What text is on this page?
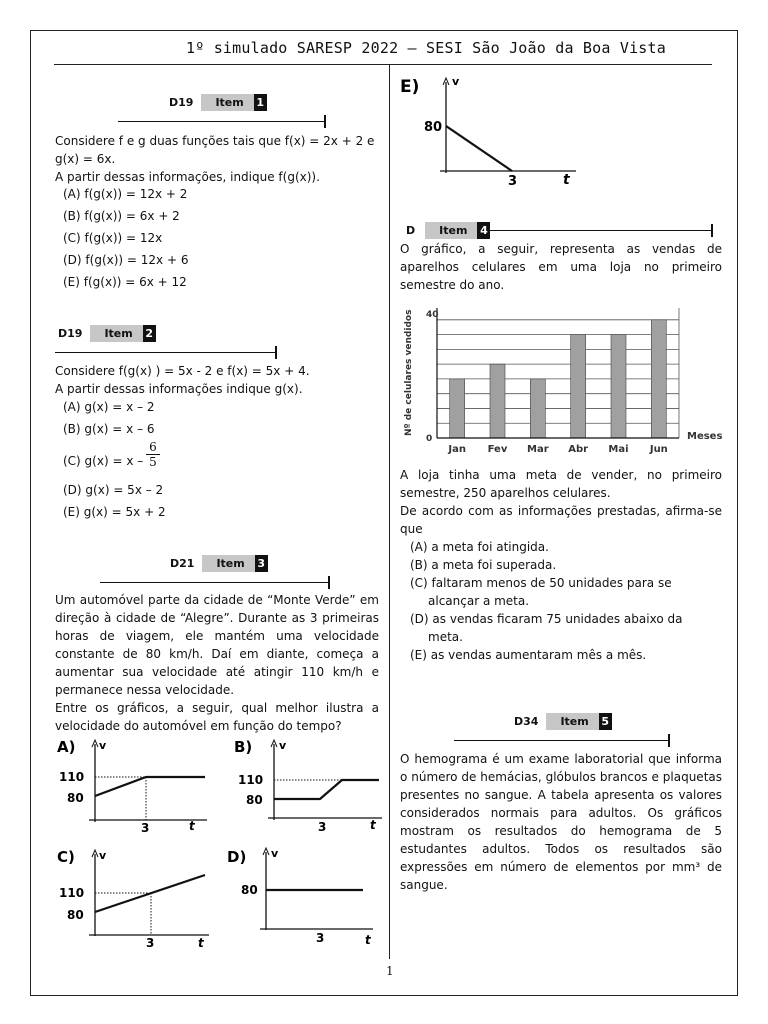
1º simulado SARESP 2022 – SESI São João da Boa Vista
1
D19	Item	1

Considere f e g duas funções tais que f(x) = 2x + 2 e g(x) = 6x.

A partir dessas informações, indique f(g(x)).

(A) f(g(x)) = 12x + 2
(B) f(g(x)) = 6x + 2
(C) f(g(x)) = 12x
(D) f(g(x)) = 12x + 6
(E) f(g(x)) = 6x + 12
D19	Item	2

Considere f(g(x) ) = 5x - 2 e f(x) = 5x + 4.

A partir dessas informações indique g(x).

(A) g(x) = x – 2
(B) g(x) = x – 6
(C) $g(x) = x - \frac{6}{5}$
(D) g(x) = 5x – 2
(E) g(x) = 5x + 2
D21	Item	3

Um automóvel parte da cidade de “Monte Verde” em direção à cidade de “Alegre”. Durante as 3 primeiras horas de viagem, ele mantém uma velocidade constante de 80 km/h. Daí em diante, começa a aumentar sua velocidade até atingir 110 km/h e permanece nessa velocidade.

Entre os gráficos, a seguir, qual melhor ilustra a velocidade do automóvel em função do tempo?

A) v
t
110
80
3
B) v
t
110
80
3
C) v
t
110
80
3
D) v
t
80
3
E)	v
t
80
3
D	Item	4
O gráfico, a seguir, representa as vendas de aparelhos celulares em uma loja no primeiro semestre do ano.
Jan Fev Mar Abr Mai Jun
Meses
Nº de celulares vendidos 40
0

A loja tinha uma meta de vender, no primeiro semestre, 250 aparelhos celulares.

De acordo com as informações prestadas, afirma-se que

(A) a meta foi atingida.
(B) a meta foi superada.
(C) faltaram menos de 50 unidades para se
alcançar a meta.
(D) as vendas ficaram 75 unidades abaixo da
meta.
(E) as vendas aumentaram mês a mês.
D34	Item	5
O hemograma é um exame laboratorial que informa o número de hemácias, glóbulos brancos e plaquetas presentes no sangue. A tabela apresenta os valores considerados normais para adultos. Os gráficos mostram os resultados do hemograma de 5 estudantes adultos. Todos os resultados são expressões em número de elementos por mm³ de sangue.
